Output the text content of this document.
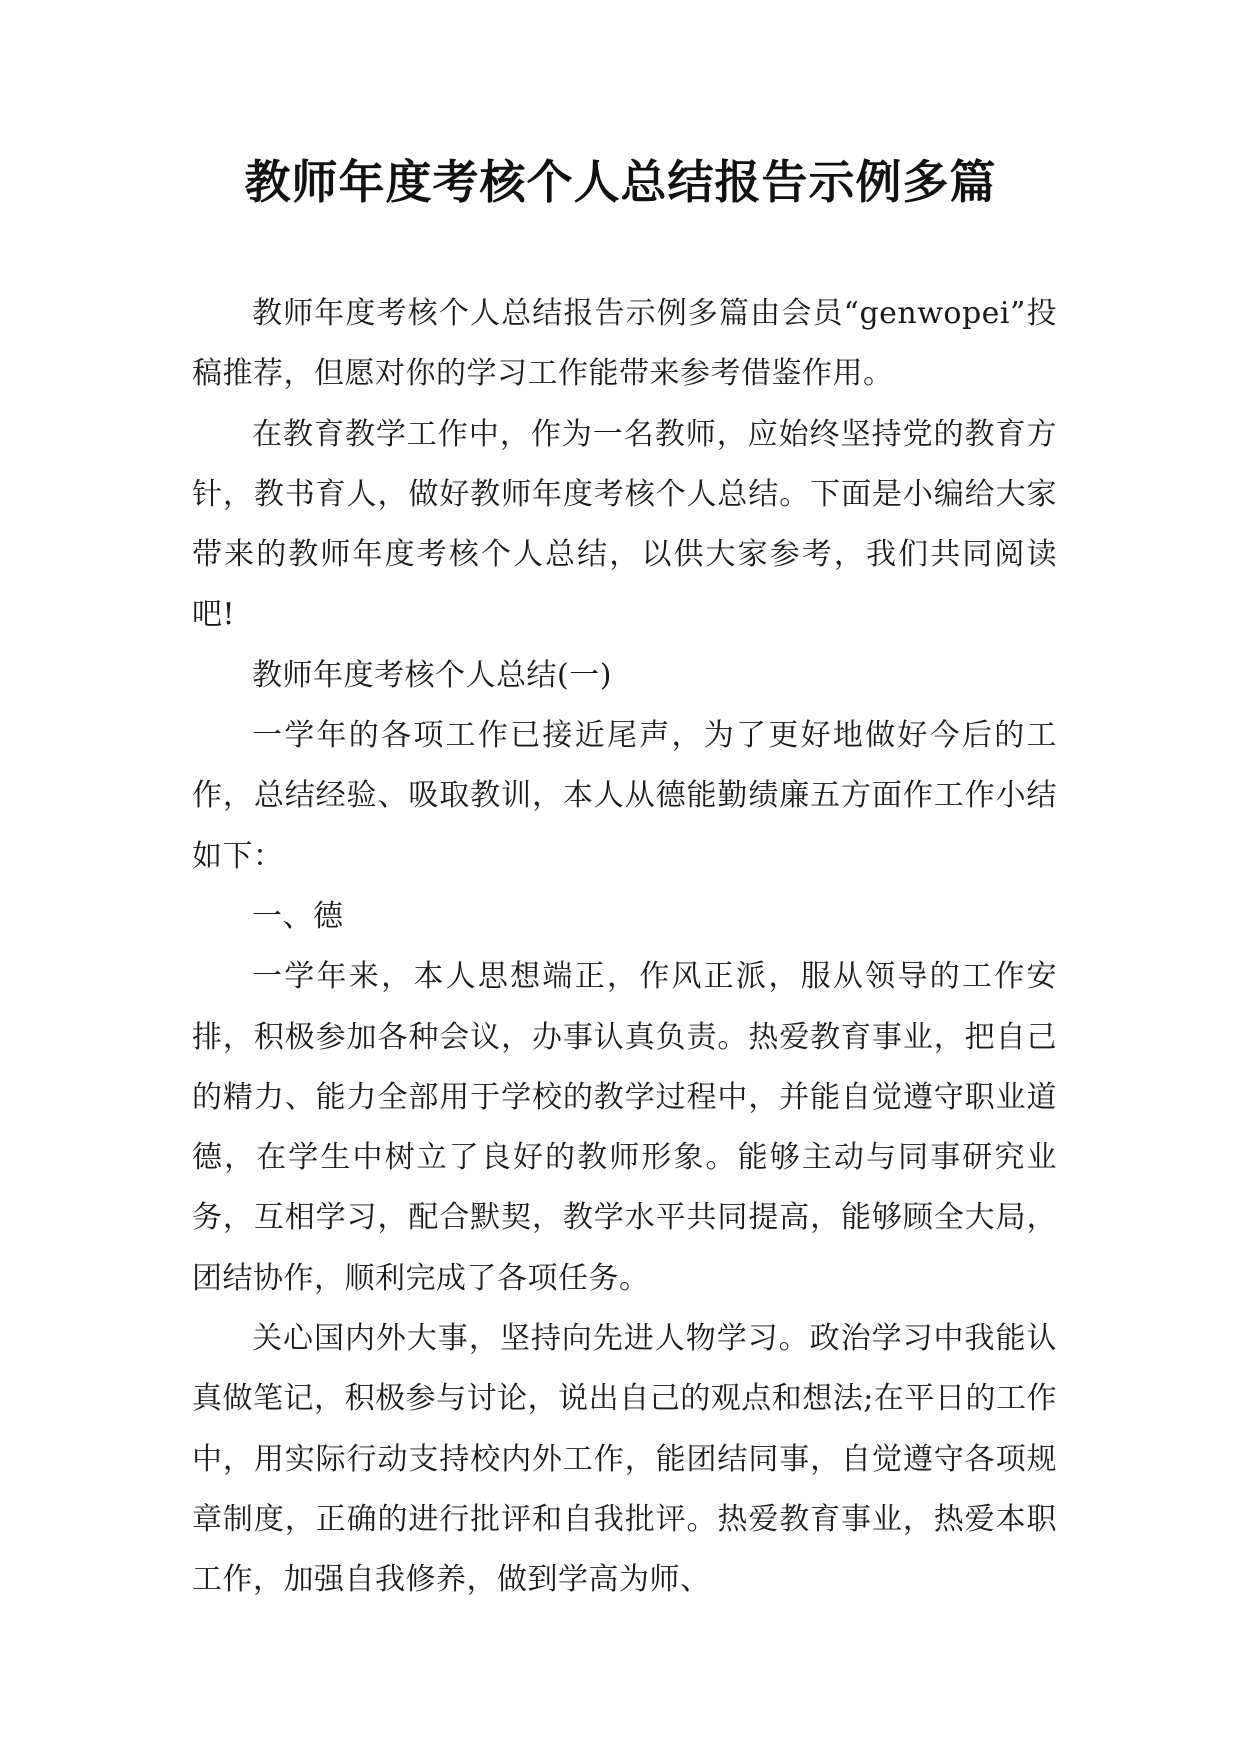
教师年度考核个人总结报告示例多篇

教师年度考核个人总结报告示例多篇由会员“genwopei”投稿推荐，但愿对你的学习工作能带来参考借鉴作用。

在教育教学工作中，作为一名教师，应始终坚持党的教育方针，教书育人，做好教师年度考核个人总结。下面是小编给大家带来的教师年度考核个人总结，以供大家参考，我们共同阅读吧!

教师年度考核个人总结(一)

一学年的各项工作已接近尾声，为了更好地做好今后的工作，总结经验、吸取教训，本人从德能勤绩廉五方面作工作小结如下：

一、德

一学年来，本人思想端正，作风正派，服从领导的工作安排，积极参加各种会议，办事认真负责。热爱教育事业，把自己的精力、能力全部用于学校的教学过程中，并能自觉遵守职业道德，在学生中树立了良好的教师形象。能够主动与同事研究业务，互相学习，配合默契，教学水平共同提高，能够顾全大局，团结协作，顺利完成了各项任务。

关心国内外大事，坚持向先进人物学习。政治学习中我能认真做笔记，积极参与讨论，说出自己的观点和想法;在平日的工作中，用实际行动支持校内外工作，能团结同事，自觉遵守各项规章制度，正确的进行批评和自我批评。热爱教育事业，热爱本职工作，加强自我修养，做到学高为师、
